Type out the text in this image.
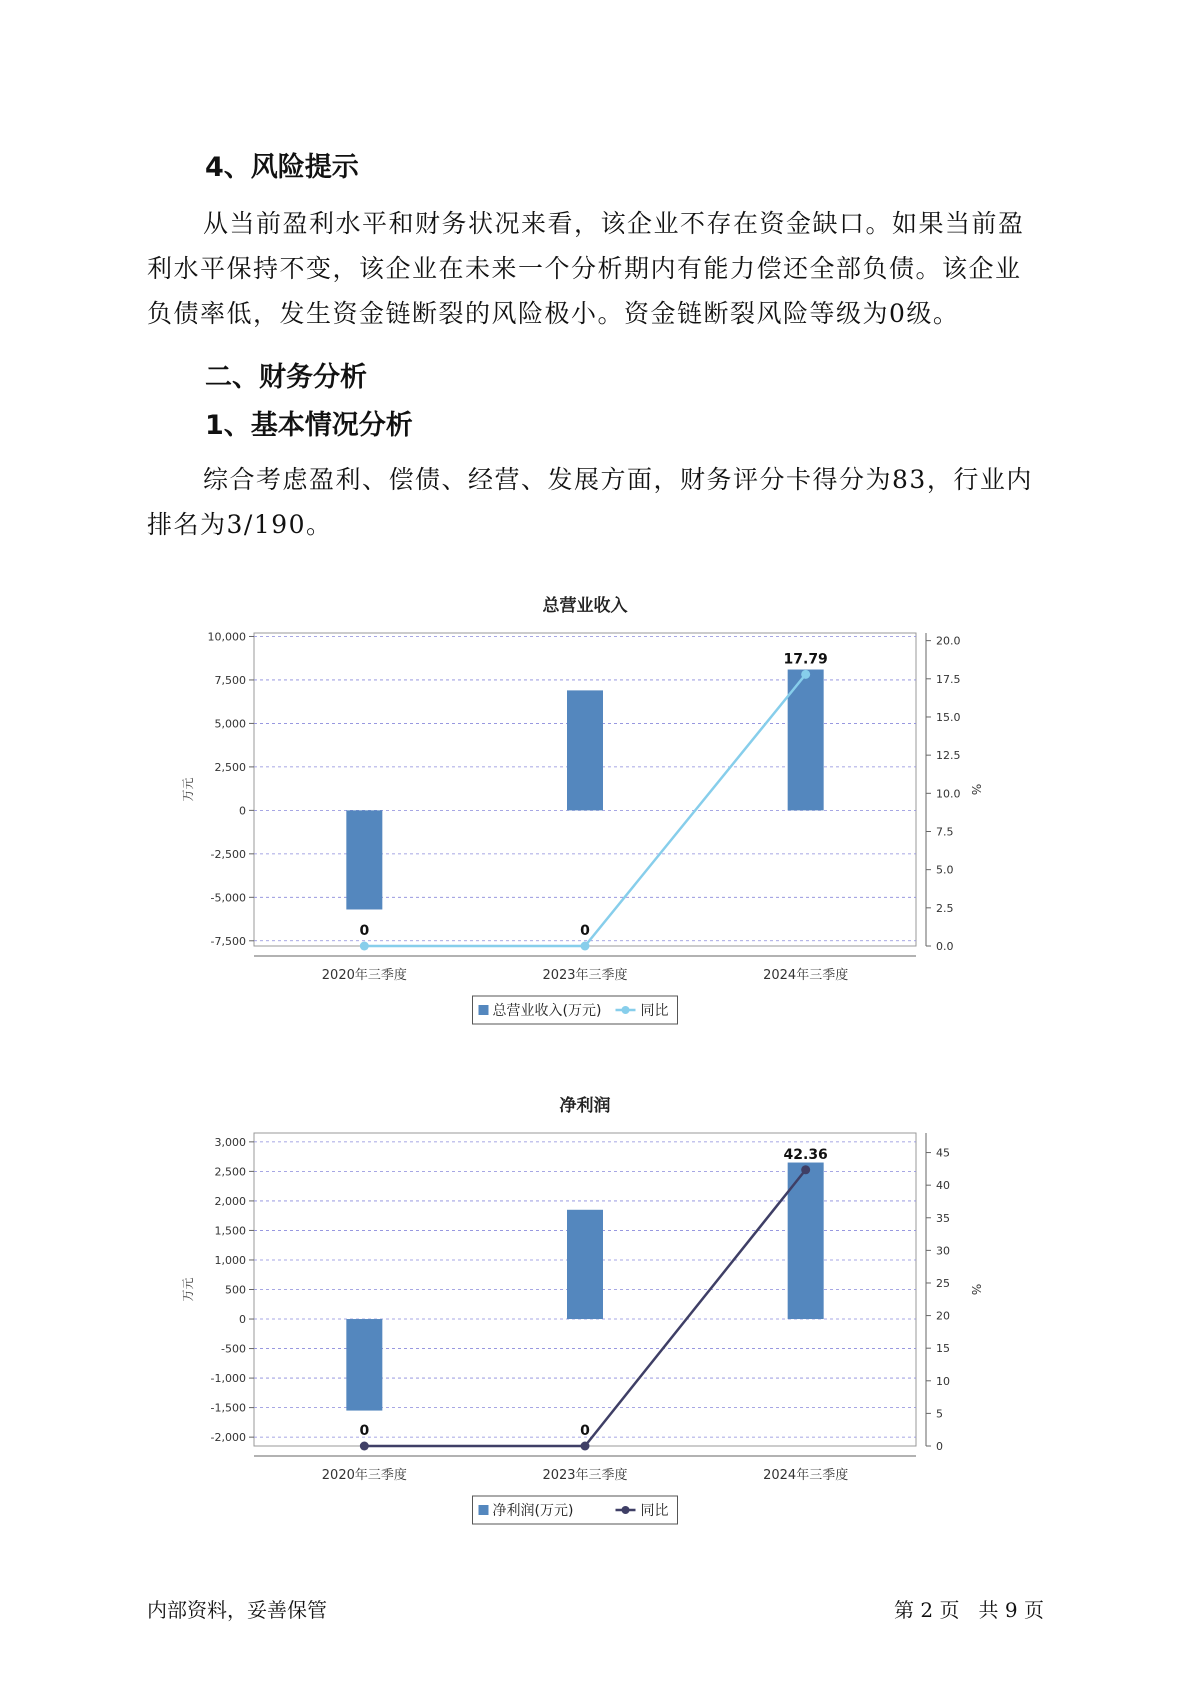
4、风险提示

从当前盈利水平和财务状况来看，该企业不存在资金缺口。如果当前盈利水平保持不变，该企业在未来一个分析期内有能力偿还全部负债。该企业负债率低，发生资金链断裂的风险极小。资金链断裂风险等级为0级。

二、财务分析
1、基本情况分析

综合考虑盈利、偿债、经营、发展方面，财务评分卡得分为83，行业内排名为3/190。

总营业收入
10,000
7,500
5,000
2,500
0
-2,500
-5,000
-7,500
20.0
17.5
15.0
12.5
10.0
7.5
5.0
2.5
0.0
2020年三季度	2023年三季度	2024年三季度
万元	%
0	0
17.79
总营业收入(万元)	同比
净利润
3,000
2,500
2,000
1,500
1,000
500
0
-500
-1,000
-1,500
-2,000
45
40
35
30
25
20
15
10
5
0
2020年三季度	2023年三季度	2024年三季度
万元	%
0	0
42.36
净利润(万元)	同比
内部资料，妥善保管	第 2 页   共 9 页
